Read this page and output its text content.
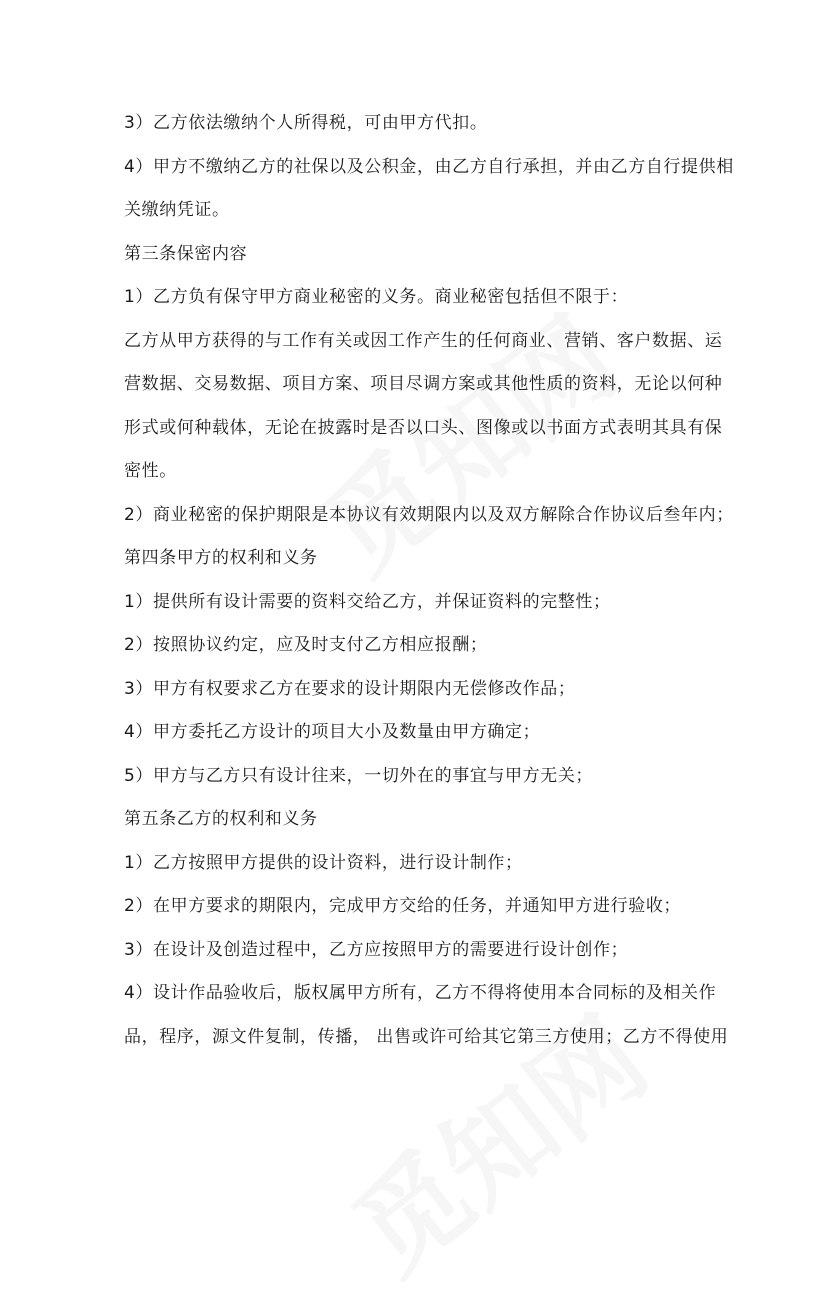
3）乙方依法缴纳个人所得税，可由甲方代扣。
4）甲方不缴纳乙方的社保以及公积金，由乙方自行承担，并由乙方自行提供相
关缴纳凭证。
第三条保密内容
1）乙方负有保守甲方商业秘密的义务。商业秘密包括但不限于：
乙方从甲方获得的与工作有关或因工作产生的任何商业、营销、客户数据、运
营数据、交易数据、项目方案、项目尽调方案或其他性质的资料，无论以何种
形式或何种载体，无论在披露时是否以口头、图像或以书面方式表明其具有保
密性。
2）商业秘密的保护期限是本协议有效期限内以及双方解除合作协议后叁年内；
第四条甲方的权利和义务
1）提供所有设计需要的资料交给乙方，并保证资料的完整性；
2）按照协议约定，应及时支付乙方相应报酬；
3）甲方有权要求乙方在要求的设计期限内无偿修改作品；
4）甲方委托乙方设计的项目大小及数量由甲方确定；
5）甲方与乙方只有设计往来，一切外在的事宜与甲方无关；
第五条乙方的权利和义务
1）乙方按照甲方提供的设计资料，进行设计制作；
2）在甲方要求的期限内，完成甲方交给的任务，并通知甲方进行验收；
3）在设计及创造过程中，乙方应按照甲方的需要进行设计创作；
4）设计作品验收后，版权属甲方所有，乙方不得将使用本合同标的及相关作
品，程序，源文件复制，传播， 出售或许可给其它第三方使用；乙方不得使用
